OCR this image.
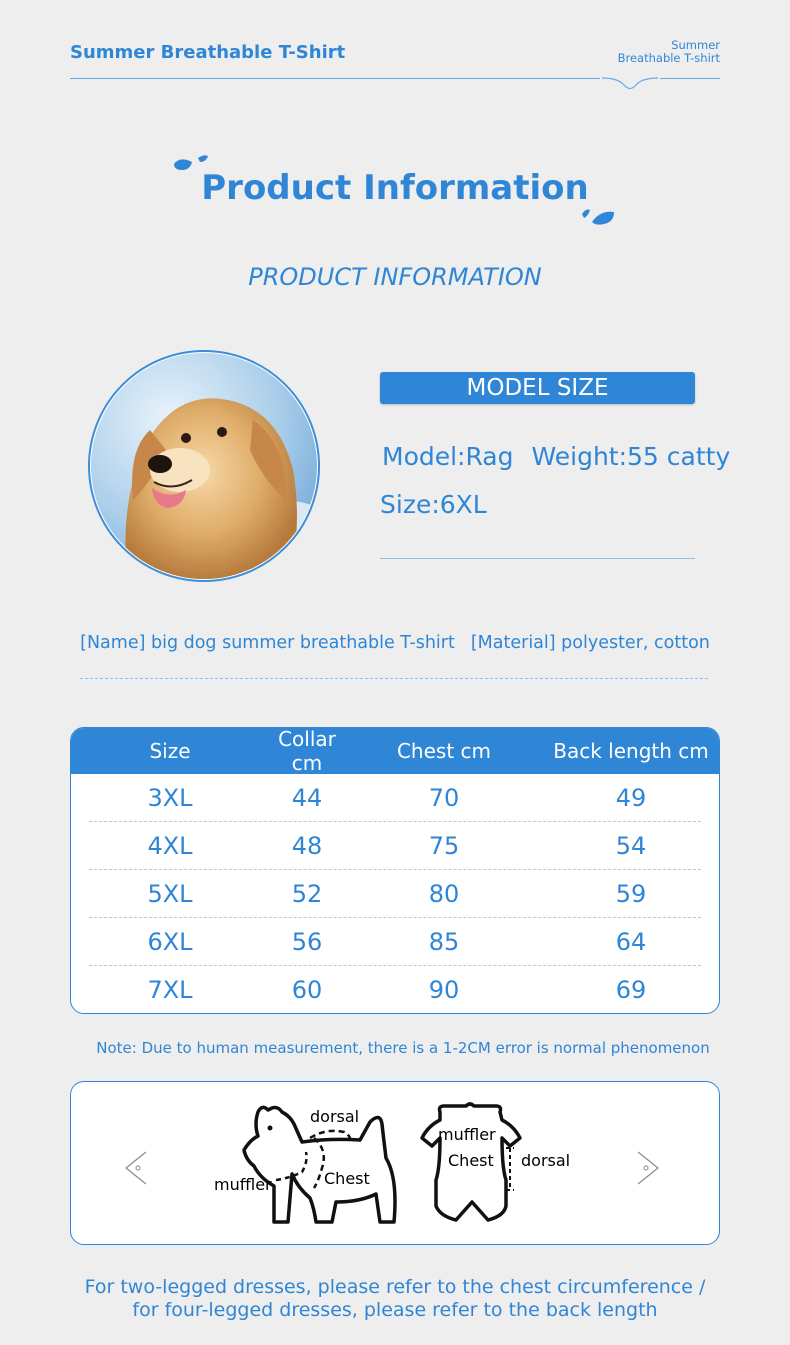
Summer Breathable T-Shirt	Summer
Breathable T-shirt
Product Information
PRODUCT INFORMATION
MODEL SIZE
Model:Rag Weight:55 catty
Size:6XL
[Name] big dog summer breathable T-shirt [Material] polyester, cotton
Size	Collar cm	Chest cm	Back length cm
3XL	44	70	49
4XL	48	75	54
5XL	52	80	59
6XL	56	85	64
7XL	60	90	69
Note: Due to human measurement, there is a 1-2CM error is normal phenomenon
dorsal
Chest
muffler
muffler
Chest dorsal
For two-legged dresses, please refer to the chest circumference /
for four-legged dresses, please refer to the back length
